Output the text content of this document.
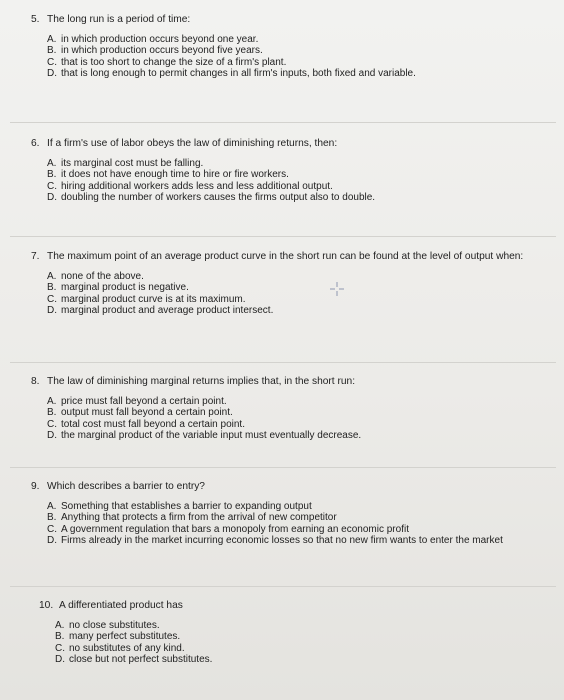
5. The long run is a period of time:
A. in which production occurs beyond one year.
B. in which production occurs beyond five years.
C. that is too short to change the size of a firm's plant.
D. that is long enough to permit changes in all firm's inputs, both fixed and variable.
6. If a firm's use of labor obeys the law of diminishing returns, then:
A. its marginal cost must be falling.
B. it does not have enough time to hire or fire workers.
C. hiring additional workers adds less and less additional output.
D. doubling the number of workers causes the firms output also to double.
7. The maximum point of an average product curve in the short run can be found at the level of output when:
A. none of the above.
B. marginal product is negative.
C. marginal product curve is at its maximum.
D. marginal product and average product intersect.
8. The law of diminishing marginal returns implies that, in the short run:
A. price must fall beyond a certain point.
B. output must fall beyond a certain point.
C. total cost must fall beyond a certain point.
D. the marginal product of the variable input must eventually decrease.
9. Which describes a barrier to entry?
A. Something that establishes a barrier to expanding output
B. Anything that protects a firm from the arrival of new competitor
C. A government regulation that bars a monopoly from earning an economic profit
D. Firms already in the market incurring economic losses so that no new firm wants to enter the market
10. A differentiated product has
A. no close substitutes.
B. many perfect substitutes.
C. no substitutes of any kind.
D. close but not perfect substitutes.
